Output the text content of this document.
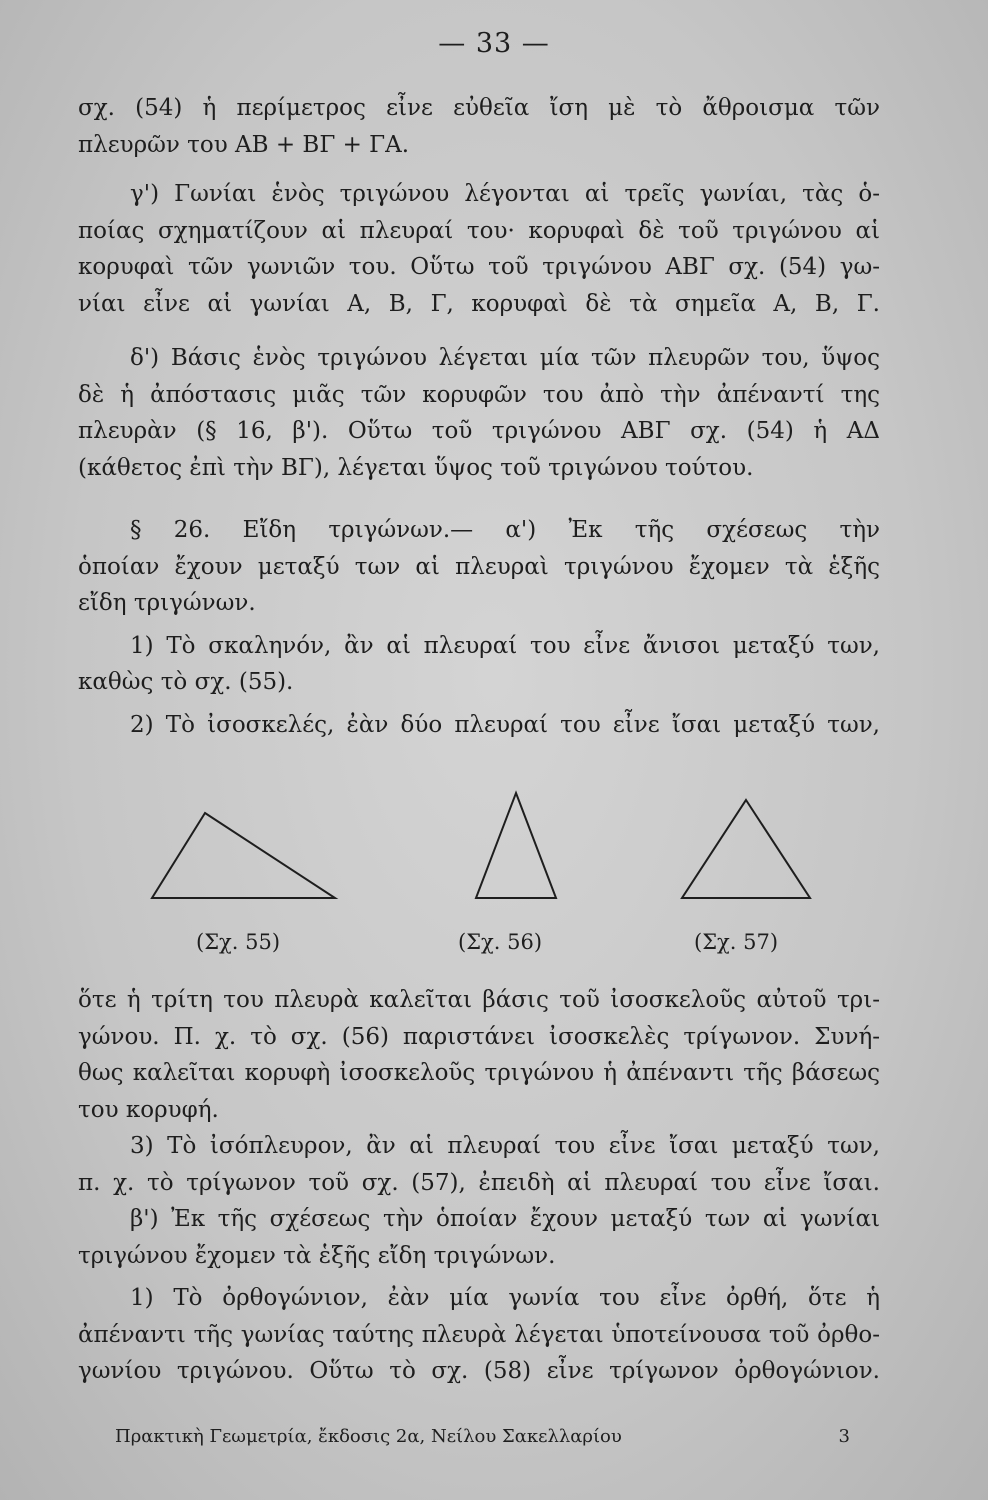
— 33 —
σχ. (54) ἡ περίμετρος εἶνε εὐθεῖα ἴση μὲ τὸ ἄθροισμα τῶν
πλευρῶν του ΑΒ + ΒΓ + ΓΑ.
γ') Γωνίαι ἑνὸς τριγώνου λέγονται αἱ τρεῖς γωνίαι, τὰς ὁ-
ποίας σχηματίζουν αἱ πλευραί του· κορυφαὶ δὲ τοῦ τριγώνου αἱ
κορυφαὶ τῶν γωνιῶν του. Οὕτω τοῦ τριγώνου ΑΒΓ σχ. (54) γω-
νίαι εἶνε αἱ γωνίαι Α, Β, Γ, κορυφαὶ δὲ τὰ σημεῖα Α, Β, Γ.
δ') Βάσις ἑνὸς τριγώνου λέγεται μία τῶν πλευρῶν του, ὕψος
δὲ ἡ ἀπόστασις μιᾶς τῶν κορυφῶν του ἀπὸ τὴν ἀπέναντί της
πλευρὰν (§ 16, β'). Οὕτω τοῦ τριγώνου ΑΒΓ σχ. (54) ἡ ΑΔ
(κάθετος ἐπὶ τὴν ΒΓ), λέγεται ὕψος τοῦ τριγώνου τούτου.
§ 26. Εἴδη τριγώνων.— α') Ἐκ τῆς σχέσεως τὴν
ὁποίαν ἔχουν μεταξύ των αἱ πλευραὶ τριγώνου ἔχομεν τὰ ἑξῆς
εἴδη τριγώνων.
1) Τὸ σκαληνόν, ἂν αἱ πλευραί του εἶνε ἄνισοι μεταξύ των,
καθὼς τὸ σχ. (55).
2) Τὸ ἰσοσκελές, ἐὰν δύο πλευραί του εἶνε ἴσαι μεταξύ των,
(Σχ. 55)	(Σχ. 56)	(Σχ. 57)
ὅτε ἡ τρίτη του πλευρὰ καλεῖται βάσις τοῦ ἰσοσκελοῦς αὐτοῦ τρι-
γώνου. Π. χ. τὸ σχ. (56) παριστάνει ἰσοσκελὲς τρίγωνον. Συνή-
θως καλεῖται κορυφὴ ἰσοσκελοῦς τριγώνου ἡ ἀπέναντι τῆς βάσεως
του κορυφή.
3) Τὸ ἰσόπλευρον, ἂν αἱ πλευραί του εἶνε ἴσαι μεταξύ των,
π. χ. τὸ τρίγωνον τοῦ σχ. (57), ἐπειδὴ αἱ πλευραί του εἶνε ἴσαι.
β') Ἐκ τῆς σχέσεως τὴν ὁποίαν ἔχουν μεταξύ των αἱ γωνίαι
τριγώνου ἔχομεν τὰ ἑξῆς εἴδη τριγώνων.
1) Τὸ ὀρθογώνιον, ἐὰν μία γωνία του εἶνε ὀρθή, ὅτε ἡ
ἀπέναντι τῆς γωνίας ταύτης πλευρὰ λέγεται ὑποτείνουσα τοῦ ὀρθο-
γωνίου τριγώνου. Οὕτω τὸ σχ. (58) εἶνε τρίγωνον ὀρθογώνιον.
Πρακτικὴ Γεωμετρία, ἔκδοσις 2α, Νείλου Σακελλαρίου	3
